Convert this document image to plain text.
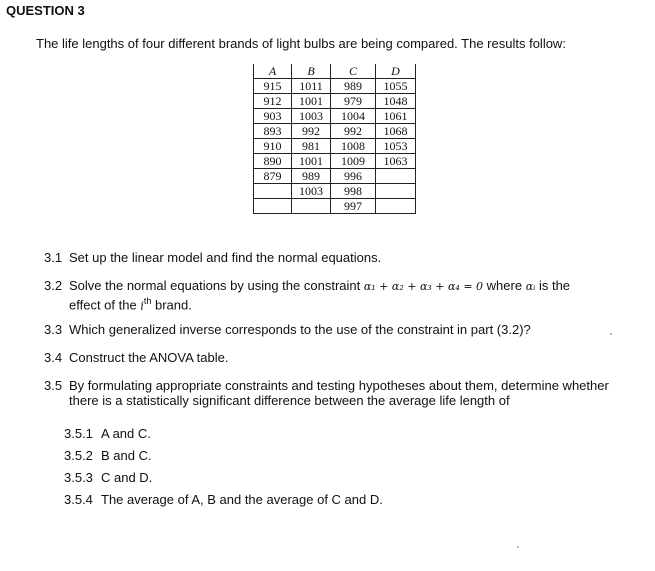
QUESTION 3
The life lengths of four different brands of light bulbs are being compared. The results follow:
A	B	C	D
915	1011	989	1055
912	1001	979	1048
903	1003	1004	1061
893	992	992	1068
910	981	1008	1053
890	1001	1009	1063
879	989	996	
	1003	998	
		997	
3.1 Set up the linear model and find the normal equations.
3.2 Solve the normal equations by using the constraint α₁ + α₂ + α₃ + α₄ = 0 where αᵢ is the
effect of the $i^{th}$ brand.
3.3 Which generalized inverse corresponds to the use of the constraint in part (3.2)?
3.4 Construct the ANOVA table.
3.5 By formulating appropriate constraints and testing hypotheses about them, determine whether
there is a statistically significant difference between the average life length of
3.5.1 A and C.
3.5.2 B and C.
3.5.3 C and D.
3.5.4 The average of A, B and the average of C and D.
